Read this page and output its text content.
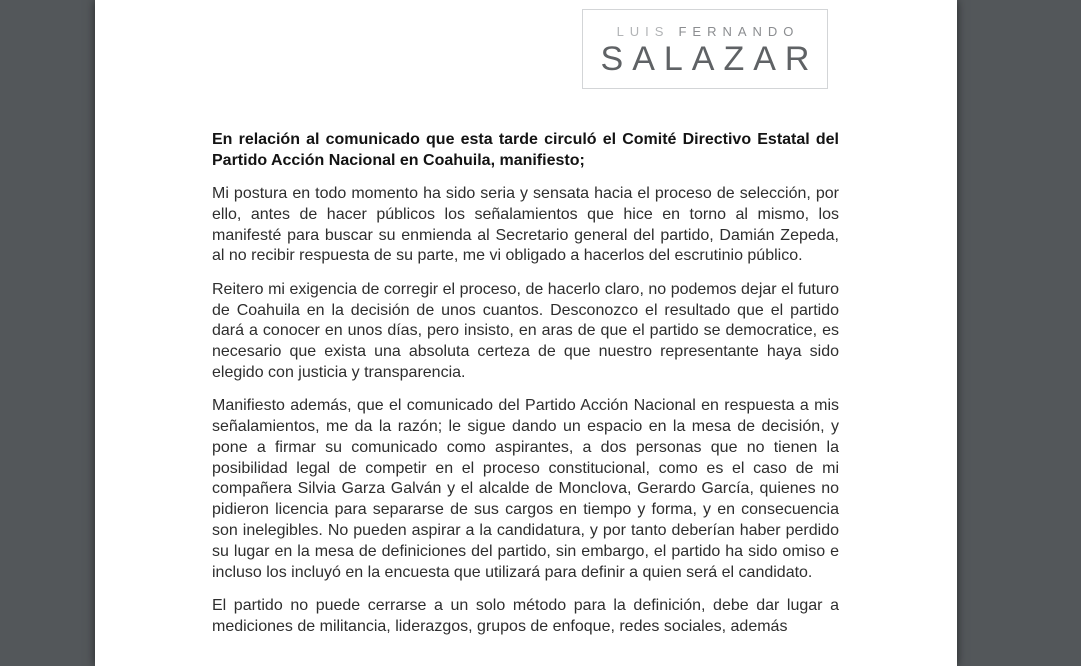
LUIS FERNANDO
SALAZAR

En relación al comunicado que esta tarde circuló el Comité Directivo Estatal del Partido Acción Nacional en Coahuila, manifiesto;

Mi postura en todo momento ha sido seria y sensata hacia el proceso de selección, por ello, antes de hacer públicos los señalamientos que hice en torno al mismo, los manifesté para buscar su enmienda al Secretario general del partido, Damián Zepeda, al no recibir respuesta de su parte, me vi obligado a hacerlos del escrutinio público.

Reitero mi exigencia de corregir el proceso, de hacerlo claro, no podemos dejar el futuro de Coahuila en la decisión de unos cuantos. Desconozco el resultado que el partido dará a conocer en unos días, pero insisto, en aras de que el partido se democratice, es necesario que exista una absoluta certeza de que nuestro representante haya sido elegido con justicia y transparencia.

Manifiesto además, que el comunicado del Partido Acción Nacional en respuesta a mis señalamientos, me da la razón; le sigue dando un espacio en la mesa de decisión, y pone a firmar su comunicado como aspirantes, a dos personas que no tienen la posibilidad legal de competir en el proceso constitucional, como es el caso de mi compañera Silvia Garza Galván y el alcalde de Monclova, Gerardo García, quienes no pidieron licencia para separarse de sus cargos en tiempo y forma, y en consecuencia son inelegibles. No pueden aspirar a la candidatura, y por tanto deberían haber perdido su lugar en la mesa de definiciones del partido, sin embargo, el partido ha sido omiso e incluso los incluyó en la encuesta que utilizará para definir a quien será el candidato.

El partido no puede cerrarse a un solo método para la definición, debe dar lugar a mediciones de militancia, liderazgos, grupos de enfoque, redes sociales, además
